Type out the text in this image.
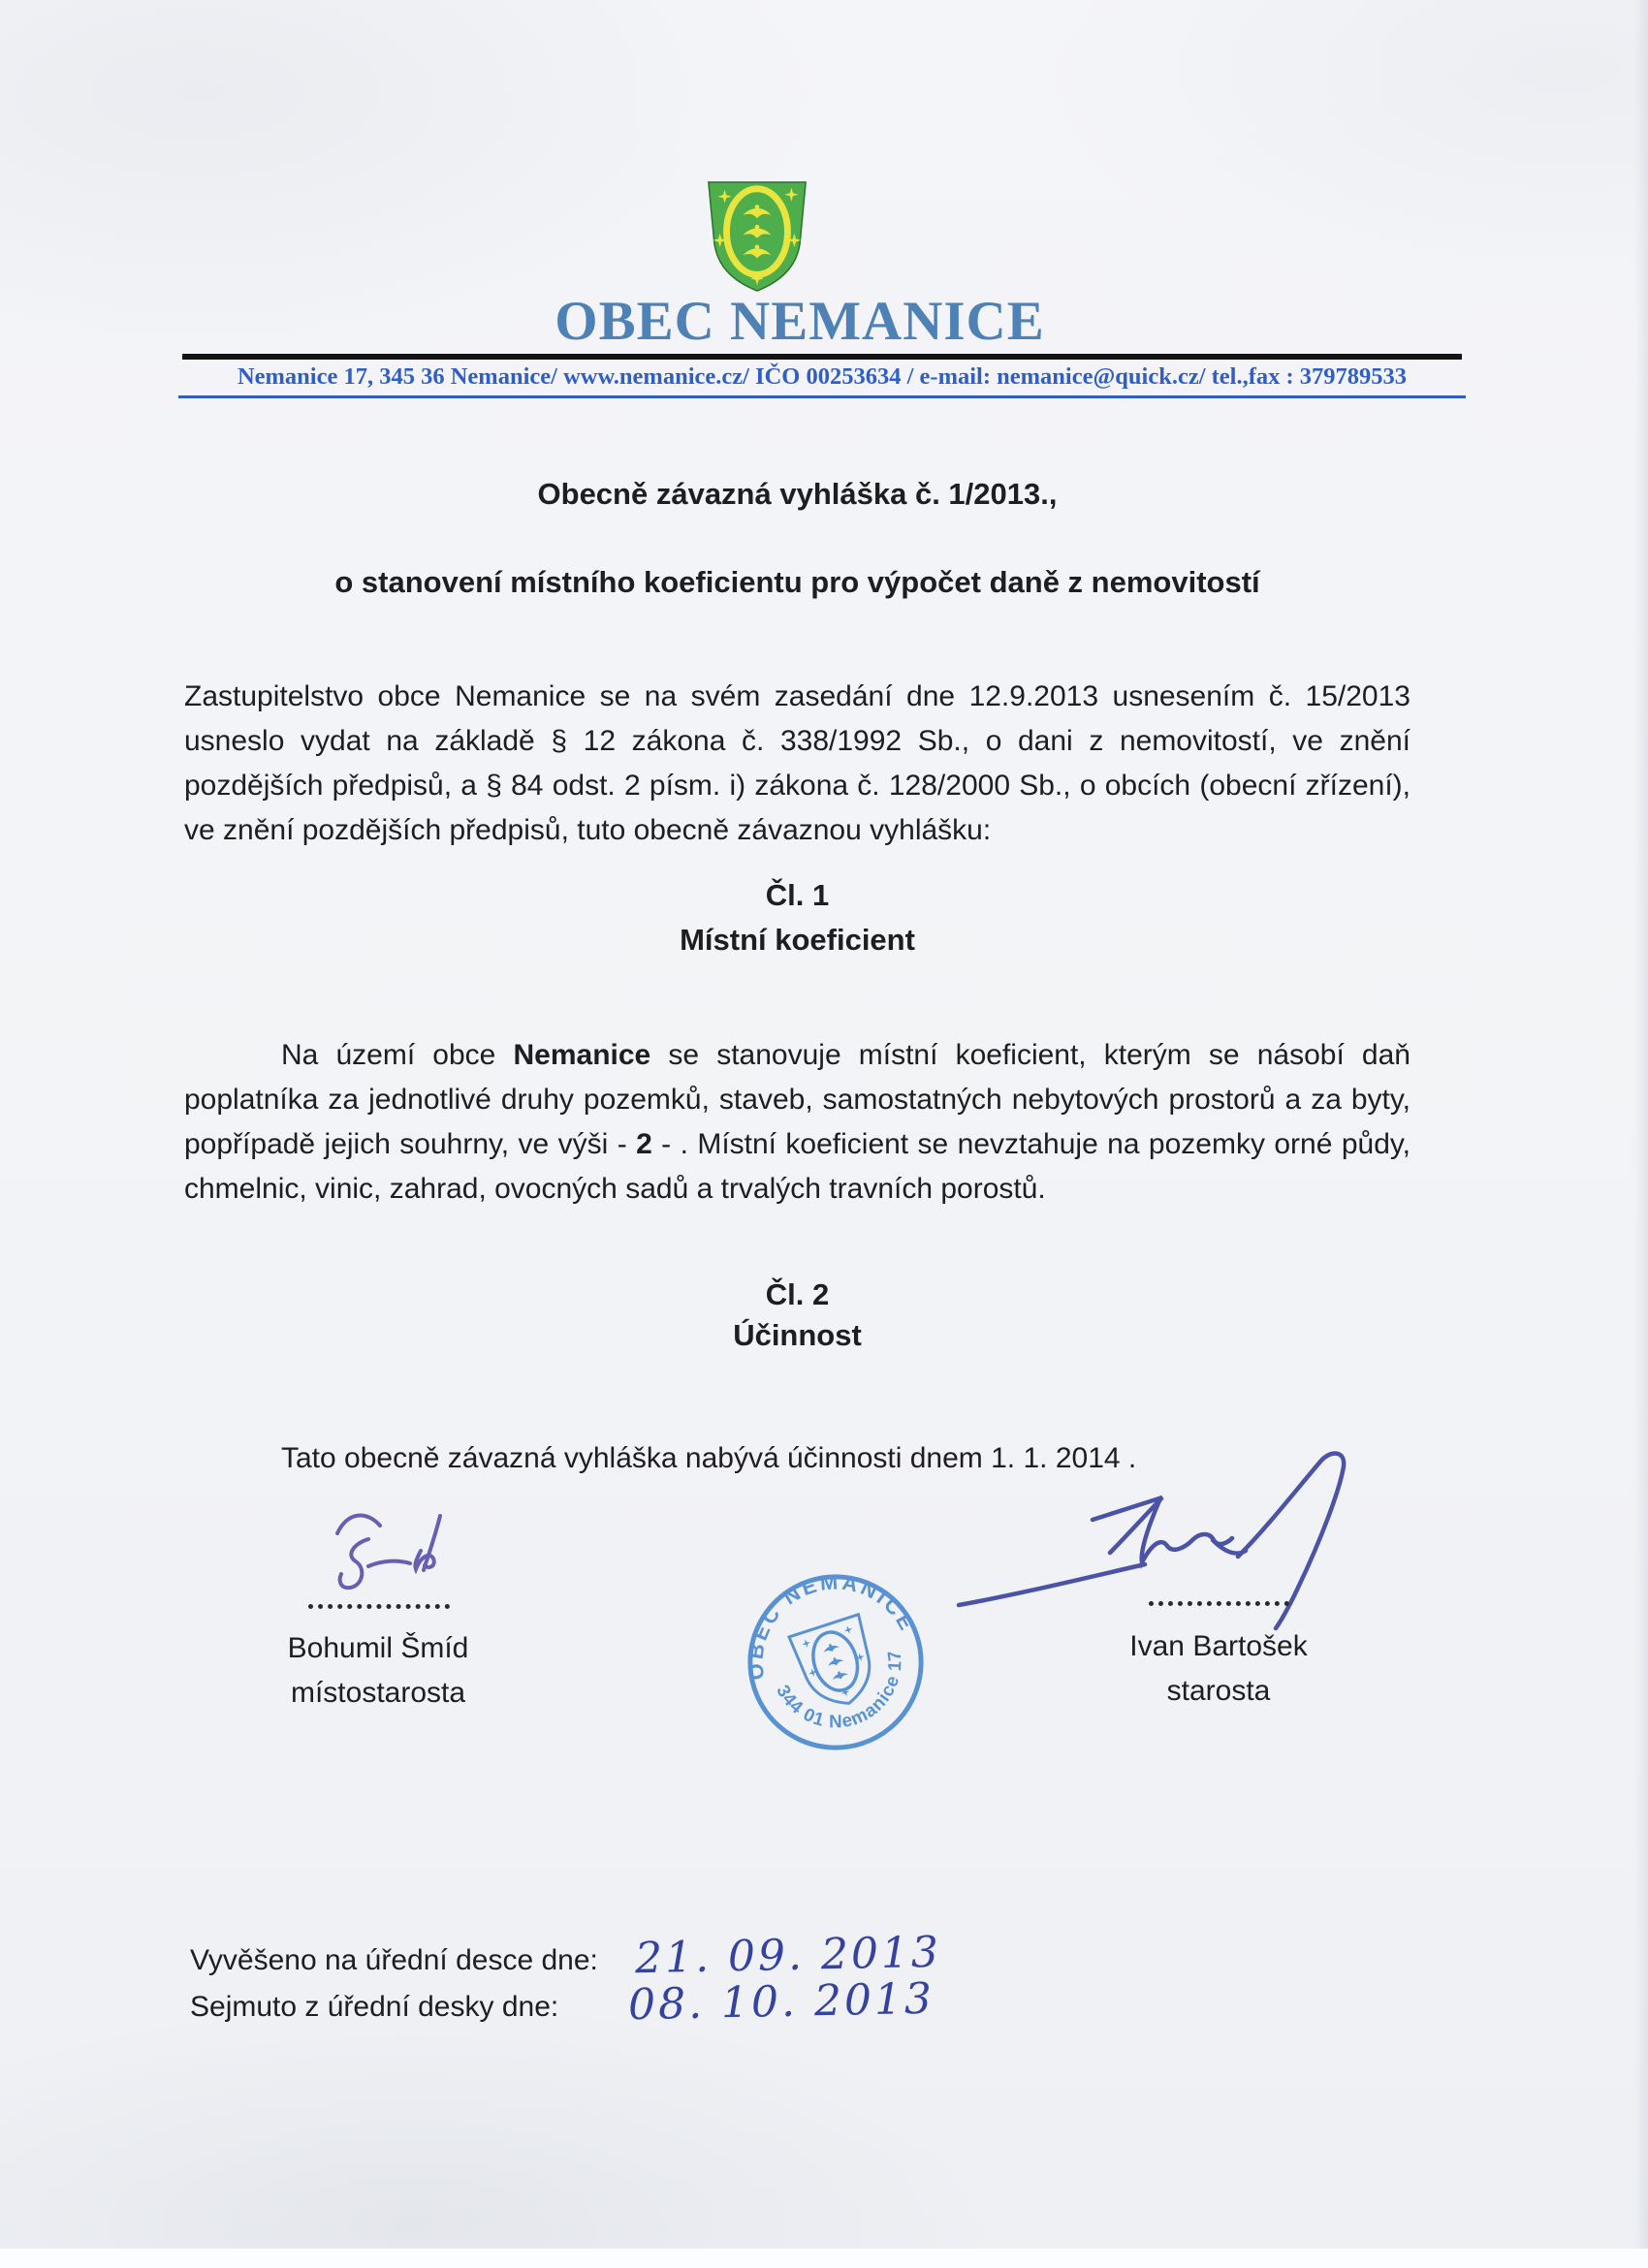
OBEC NEMANICE
Nemanice 17, 345 36 Nemanice/ www.nemanice.cz/ IČO 00253634 / e-mail: nemanice@quick.cz/ tel.,fax : 379789533
Obecně závazná vyhláška č. 1/2013.,
o stanovení místního koeficientu pro výpočet daně z nemovitostí

Zastupitelstvo obce Nemanice se na svém zasedání dne 12.9.2013 usnesením č. 15/2013 usneslo vydat na základě § 12 zákona č. 338/1992 Sb., o dani z nemovitostí, ve znění pozdějších předpisů, a § 84 odst. 2 písm. i) zákona č. 128/2000 Sb., o obcích (obecní zřízení), ve znění pozdějších předpisů, tuto obecně závaznou vyhlášku:

Čl. 1
Místní koeficient

Na území obce Nemanice se stanovuje místní koeficient, kterým se násobí daň poplatníka za jednotlivé druhy pozemků, staveb, samostatných nebytových prostorů a za byty, popřípadě jejich souhrny, ve výši - 2 - . Místní koeficient se nevztahuje na pozemky orné půdy, chmelnic, vinic, zahrad, ovocných sadů a trvalých travních porostů.

Čl. 2
Účinnost

Tato obecně závazná vyhláška nabývá účinnosti dnem 1. 1. 2014 .

Bohumil Šmíd
místostarosta
OBEC NEMANICE
344 01 Nemanice 17	Ivan Bartošek
starosta
Vyvěšeno na úřední desce dne: 21. 09. 2013
Sejmuto z úřední desky dne: 08. 10. 2013
